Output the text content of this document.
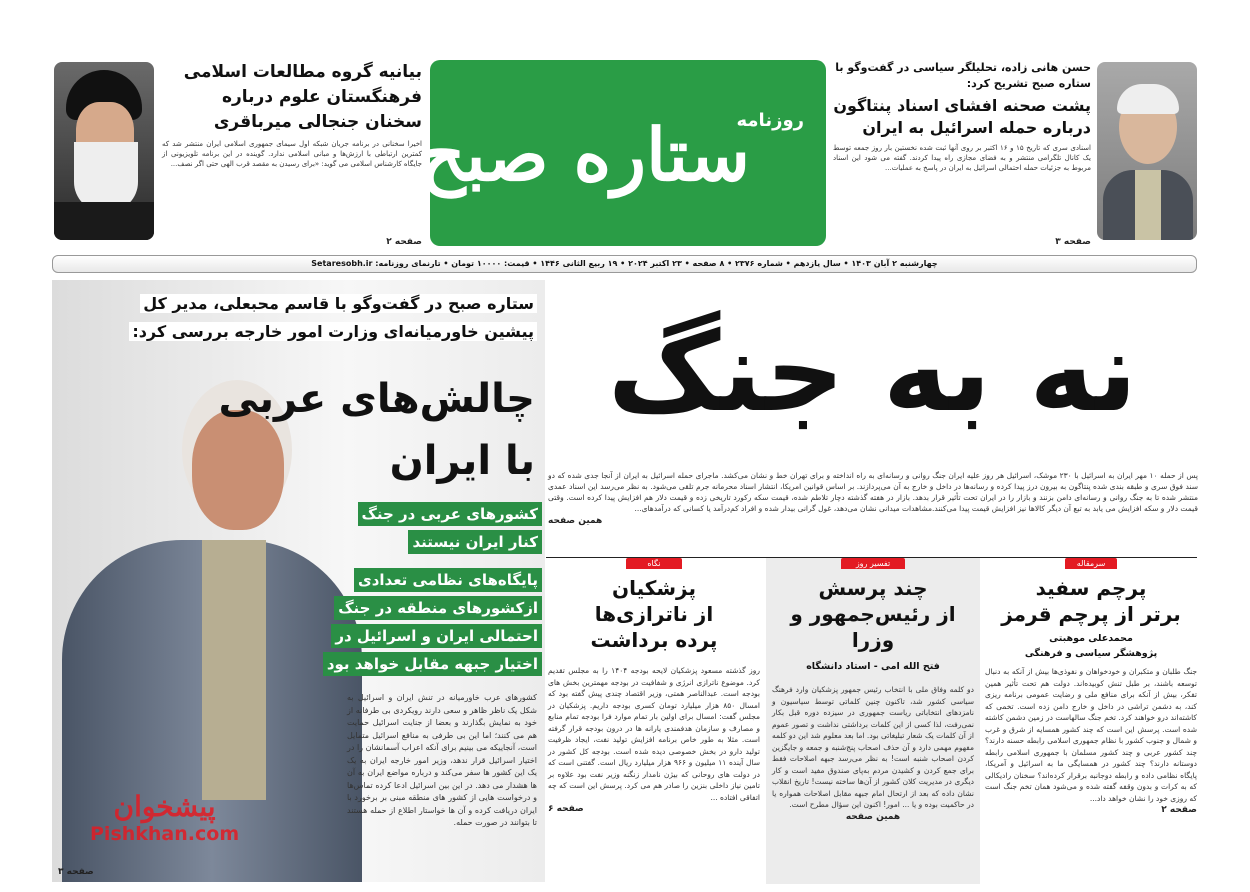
حسن هانی زاده، تحلیلگر سیاسی در گفت‌وگو با ستاره صبح تشریح کرد:
پشت صحنه افشای اسناد پنتاگون درباره حمله اسرائیل به ایران
اسنادی سری که تاریخ ۱۵ و ۱۶ اکتبر بر روی آنها ثبت شده نخستین بار روز جمعه توسط یک کانال تلگرامی منتشر و به فضای مجازی راه پیدا کردند. گفته می شود این اسناد مربوط به جزئیات حمله احتمالی اسرائیل به ایران در پاسخ به عملیات...
صفحه ۳
روزنامه
ستاره صبح
بیانیه گروه مطالعات اسلامی فرهنگستان علوم درباره سخنان جنجالی میرباقری
اخیرا سخنانی در برنامه جریان شبکه اول سیمای جمهوری اسلامی ایران منتشر شد که کمترین ارتباطی با ارزش‌ها و مبانی اسلامی ندارد. گوینده در این برنامه تلویزیونی از جایگاه کارشناس اسلامی می گوید: «برای رسیدن به مقصد قرب الهی حتی اگر نصف...
صفحه ۲
چهارشنبه ۲ آبان ۱۴۰۳ • سال یازدهم • شماره ۲۳۷۶ • ۸ صفحه • ۲۳ اکتبر ۲۰۲۴ • ۱۹ ربیع الثانی ۱۴۴۶ • قیمت: ۱۰۰۰۰ تومان • تارنمای روزنامه: Setaresobh.ir
نه به جنگ
پس از حمله ۱۰ مهر ایران به اسرائیل با ۲۳۰ موشک، اسرائیل هر روز علیه ایران جنگ روانی و رسانه‌ای به راه انداخته و برای تهران خط و نشان می‌کشد. ماجرای حمله اسرائیل به ایران از آنجا جدی شده که دو سند فوق سری و طبقه بندی شده پنتاگون به بیرون درز پیدا کرده و رسانه‌ها در داخل و خارج به آن می‌پردازند. بر اساس قوانین امریکا، انتشار اسناد محرمانه جرم تلقی می‌شود. به نظر می‌رسد این اسناد عمدی منتشر شده تا به جنگ روانی و رسانه‌ای دامن بزنند و بازار را در ایران تحت تأثیر قرار بدهد. بازار در هفته گذشته دچار تلاطم شده، قیمت سکه رکورد تاریخی زده و قیمت دلار هم افزایش پیدا کرده است. وقتی قیمت دلار و سکه افزایش می یابد به تبع آن دیگر کالاها نیز افزایش قیمت پیدا می‌کنند.مشاهدات میدانی نشان می‌دهد، غول گرانی بیدار شده و افراد کم‌درآمد یا کسانی که درآمدهای...
همین صفحه
ستاره صبح در گفت‌وگو با قاسم محبعلی، مدیر کل
پیشین خاورمیانه‌ای وزارت امور خارجه بررسی کرد:
چالش‌های عربی
با ایران
کشورهای عربی در جنگ
کنار ایران نیستند
پایگاه‌های نظامی تعدادی
ازکشورهای منطقه در جنگ
احتمالی ایران و اسرائیل در
اختیار جبهه مقابل خواهد بود
کشورهای عرب خاورمیانه در تنش ایران و اسرائیل به شکل یک ناظر ظاهر و سعی دارند رویکردی بی طرفانه از خود به نمایش بگذارند و بعضا از جنایت اسرائیل حمایت هم می کنند؛ اما این بی طرفی به منافع اسرائیل متمایل است، آنجاییکه می بینیم برای آنکه اعراب آسمانشان را در اختیار اسرائیل قرار ندهد، وزیر امور خارجه ایران به یک یک این کشور ها سفر می‌کند و درباره مواضع ایران به آن ها هشدار می دهد. در این بین اسرائیل ادعا کرده تماس‌ها و درخواست هایی از کشور های منطقه مبنی بر برخورد با ایران دریافت کرده و آن ها خواستار اطلاع از حمله هستند تا بتوانند در صورت حمله.
صفحه ۳
سرمقاله
پرچم سفید
برتر از پرچم قرمز
محمدعلی موهبتی
پژوهشگر سیاسی و فرهنگی
جنگ طلبان و متکبران و خودخواهان و نفوذی‌ها بیش از آنکه به دنبال توسعه باشند، بر طبل تنش کوبیده‌اند. دولت هم تحت تأثیر همین تفکر، بیش از آنکه برای منافع ملی و رضایت عمومی برنامه ریزی کند، به دشمن تراشی در داخل و خارج دامن زده است. تخمی که کاشته‌اند درو خواهند کرد. تخم جنگ سالهاست در زمین دشمن کاشته شده است. پرسش این است که چند کشور همسایه از شرق و غرب و شمال و جنوب کشور با نظام جمهوری اسلامی رابطه حسنه دارند؟ چند کشور عربی و چند کشور مسلمان با جمهوری اسلامی رابطه دوستانه دارند؟ چند کشور در همسایگی ما به اسرائیل و آمریکا، پایگاه نظامی داده و رابطه دوجانبه برقرار کرده‌اند؟ سخنان رادیکالی که به کرات و بدون وقفه گفته شده و می‌شود همان تخم جنگ است که روزی خود را نشان خواهد داد...
صفحه ۲
تفسیر روز
چند پرسش
از رئیس‌جمهور و وزرا
فتح الله امی - استاد دانشگاه
دو کلمه وفاق ملی با انتخاب رئیس جمهور پزشکیان وارد فرهنگ سیاسی کشور شد، تاکنون چنین کلماتی توسط سیاسیون و نامزدهای انتخاباتی ریاست جمهوری در سیزده دوره قبل بکار نمی‌رفت، لذا کسی از این کلمات برداشتی نداشت و تصور عموم از آن کلمات یک شعار تبلیغاتی بود. اما بعد معلوم شد این دو کلمه مفهوم مهمی دارد و آن حذف اصحاب پنج‌شنبه و جمعه و جایگزین کردن اصحاب شنبه است! به نظر می‌رسد جبهه اصلاحات فقط برای جمع کردن و کشیدن مردم به‌پای صندوق مفید است و کار دیگری در مدیریت کلان کشور از آن‌ها ساخته نیست! تاریخ انقلاب نشان داده که بعد از ارتحال امام جبهه مقابل اصلاحات همواره یا در حاکمیت بوده و یا ... امور! اکنون این سؤال مطرح است.
همین صفحه
نگاه
پزشکیان
از ناترازی‌ها
پرده برداشت
روز گذشته مسعود پزشکیان لایحه بودجه ۱۴۰۴ را به مجلس تقدیم کرد. موضوع ناترازی انرژی و شفافیت در بودجه مهمترین بخش های بودجه است. عبدالناصر همتی، وزیر اقتصاد چندی پیش گفته بود که امسال ۸۵۰ هزار میلیارد تومان کسری بودجه داریم. پزشکیان در مجلس گفت: امسال برای اولین بار تمام موارد فرا بودجه تمام منابع و مصارف و سازمان هدفمندی یارانه ها در درون بودجه قرار گرفته است. مثلا به طور خاص برنامه افزایش تولید نفت، ایجاد ظرفیت تولید دارو در بخش خصوصی دیده شده است. بودجه کل کشور در سال آینده ۱۱ میلیون و ۹۶۶ هزار میلیارد ریال است. گفتنی است که در دولت های روحانی که بیژن نامدار زنگنه وزیر نفت بود علاوه بر تامین نیاز داخلی بنزین را صادر هم می کرد. پرسش این است که چه اتفاقی افتاده ...
صفحه ۶
پیشخوان
Pishkhan.com
